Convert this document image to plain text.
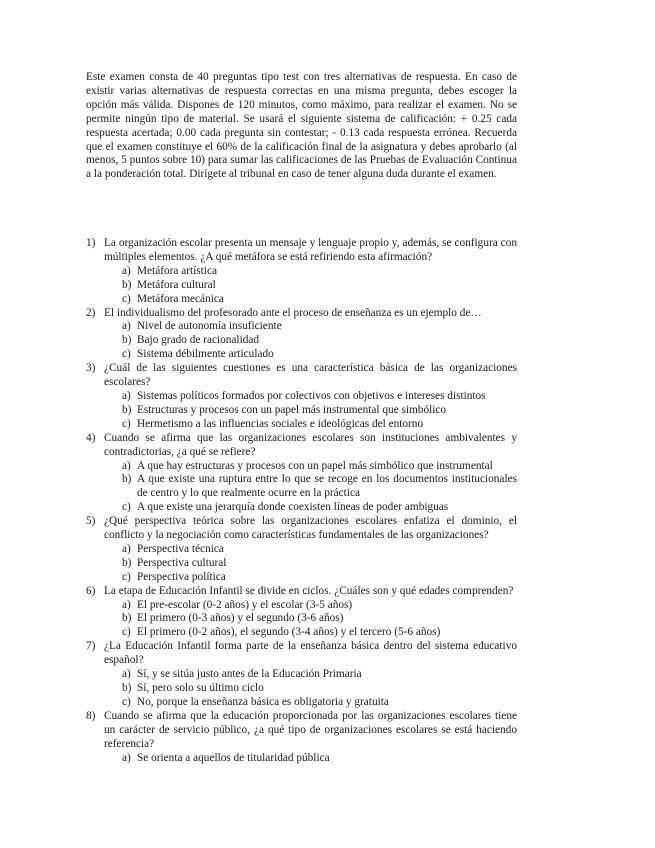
Este examen consta de 40 preguntas tipo test con tres alternativas de respuesta. En caso de existir varias alternativas de respuesta correctas en una misma pregunta, debes escoger la opción más válida. Dispones de 120 minutos, como máximo, para realizar el examen. No se permite ningún tipo de material. Se usará el siguiente sistema de calificación: + 0.25 cada respuesta acertada; 0.00 cada pregunta sin contestar; - 0.13 cada respuesta errónea. Recuerda que el examen constituye el 60% de la calificación final de la asignatura y debes aprobarlo (al menos, 5 puntos sobre 10) para sumar las calificaciones de las Pruebas de Evaluación Continua a la ponderación total. Dirígete al tribunal en caso de tener alguna duda durante el examen.
1) La organización escolar presenta un mensaje y lenguaje propio y, además, se configura con múltiples elementos. ¿A qué metáfora se está refiriendo esta afirmación?
a) Metáfora artística
b) Metáfora cultural
c) Metáfora mecánica
2) El individualismo del profesorado ante el proceso de enseñanza es un ejemplo de…
a) Nivel de autonomía insuficiente
b) Bajo grado de racionalidad
c) Sistema débilmente articulado
3) ¿Cuál de las siguientes cuestiones es una característica básica de las organizaciones escolares?
a) Sistemas políticos formados por colectivos con objetivos e intereses distintos
b) Estructuras y procesos con un papel más instrumental que simbólico
c) Hermetismo a las influencias sociales e ideológicas del entorno
4) Cuando se afirma que las organizaciones escolares son instituciones ambivalentes y contradictorias, ¿a qué se refiere?
a) A que hay estructuras y procesos con un papel más simbólico que instrumental
b) A que existe una ruptura entre lo que se recoge en los documentos institucionales de centro y lo que realmente ocurre en la práctica
c) A que existe una jerarquía donde coexisten líneas de poder ambiguas
5) ¿Qué perspectiva teórica sobre las organizaciones escolares enfatiza el dominio, el conflicto y la negociación como características fundamentales de las organizaciones?
a) Perspectiva técnica
b) Perspectiva cultural
c) Perspectiva política
6) La etapa de Educación Infantil se divide en ciclos. ¿Cuáles son y qué edades comprenden?
a) El pre-escolar (0-2 años) y el escolar (3-5 años)
b) El primero (0-3 años) y el segundo (3-6 años)
c) El primero (0-2 años), el segundo (3-4 años) y el tercero (5-6 años)
7) ¿La Educación Infantil forma parte de la enseñanza básica dentro del sistema educativo español?
a) Sí, y se sitúa justo antes de la Educación Primaria
b) Sí, pero solo su último ciclo
c) No, porque la enseñanza básica es obligatoria y gratuita
8) Cuando se afirma que la educación proporcionada por las organizaciones escolares tiene un carácter de servicio público, ¿a qué tipo de organizaciones escolares se está haciendo referencia?
a) Se orienta a aquellos de titularidad pública
